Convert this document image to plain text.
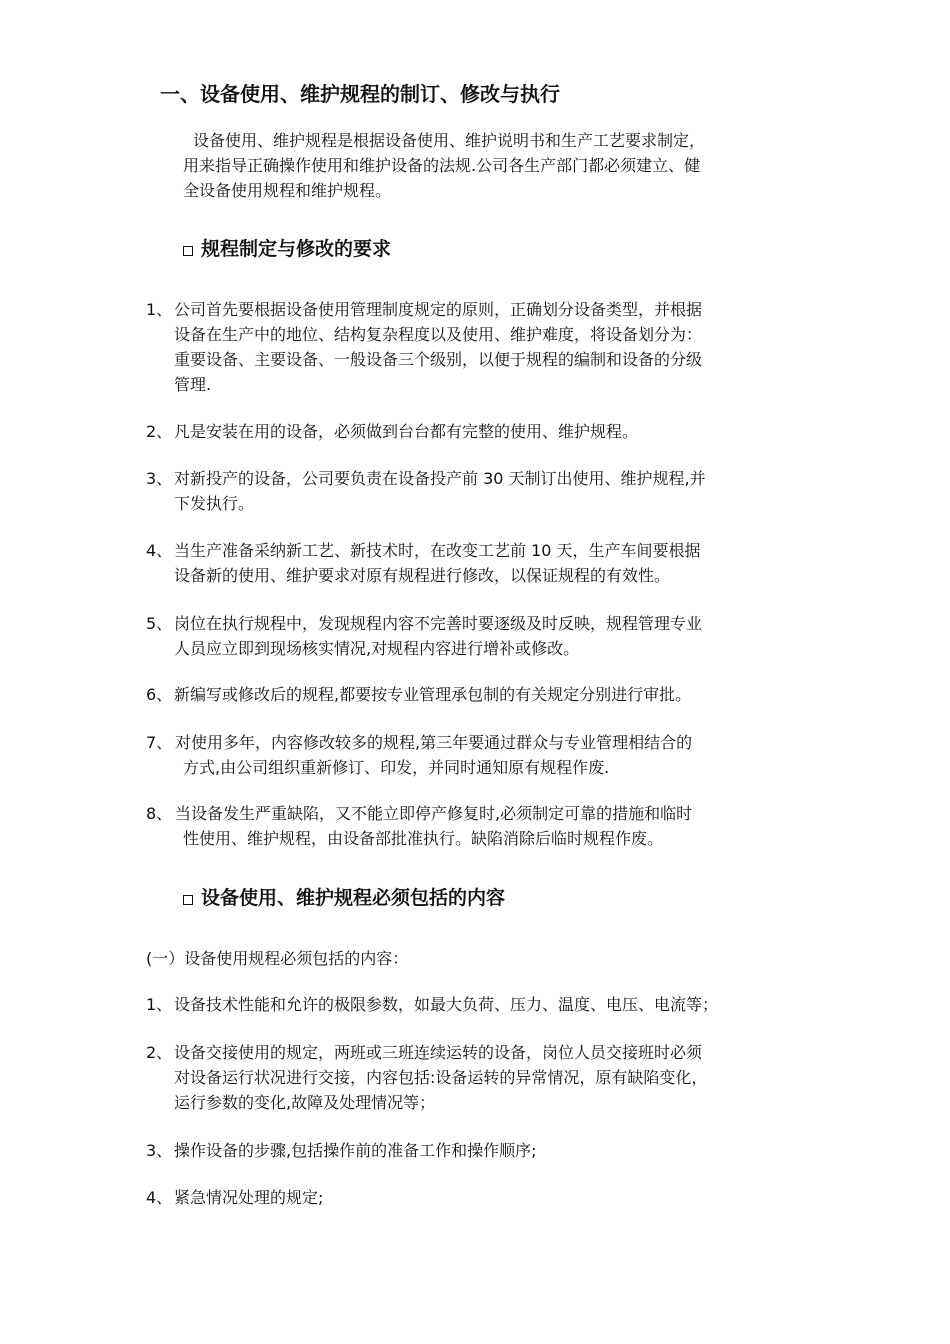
一、设备使用、维护规程的制订、修改与执行
设备使用、维护规程是根据设备使用、维护说明书和生产工艺要求制定，
用来指导正确操作使用和维护设备的法规.公司各生产部门都必须建立、健
全设备使用规程和维护规程。
规程制定与修改的要求
1、 公司首先要根据设备使用管理制度规定的原则，正确划分设备类型，并根据
设备在生产中的地位、结构复杂程度以及使用、维护难度，将设备划分为：
重要设备、主要设备、一般设备三个级别，以便于规程的编制和设备的分级
管理.
2、 凡是安装在用的设备，必须做到台台都有完整的使用、维护规程。
3、 对新投产的设备，公司要负责在设备投产前 30 天制订出使用、维护规程,并
下发执行。
4、 当生产准备采纳新工艺、新技术时，在改变工艺前 10 天，生产车间要根据
设备新的使用、维护要求对原有规程进行修改，以保证规程的有效性。
5、 岗位在执行规程中，发现规程内容不完善时要逐级及时反映，规程管理专业
人员应立即到现场核实情况,对规程内容进行增补或修改。
6、 新编写或修改后的规程,都要按专业管理承包制的有关规定分别进行审批。
7、 对使用多年，内容修改较多的规程,第三年要通过群众与专业管理相结合的
方式,由公司组织重新修订、印发，并同时通知原有规程作废.
8、 当设备发生严重缺陷，又不能立即停产修复时,必须制定可靠的措施和临时
性使用、维护规程，由设备部批准执行。缺陷消除后临时规程作废。
设备使用、维护规程必须包括的内容
(一）设备使用规程必须包括的内容：
1、 设备技术性能和允许的极限参数，如最大负荷、压力、温度、电压、电流等；
2、 设备交接使用的规定，两班或三班连续运转的设备，岗位人员交接班时必须
对设备运行状况进行交接，内容包括:设备运转的异常情况，原有缺陷变化，
运行参数的变化,故障及处理情况等；
3、 操作设备的步骤,包括操作前的准备工作和操作顺序;
4、 紧急情况处理的规定;
